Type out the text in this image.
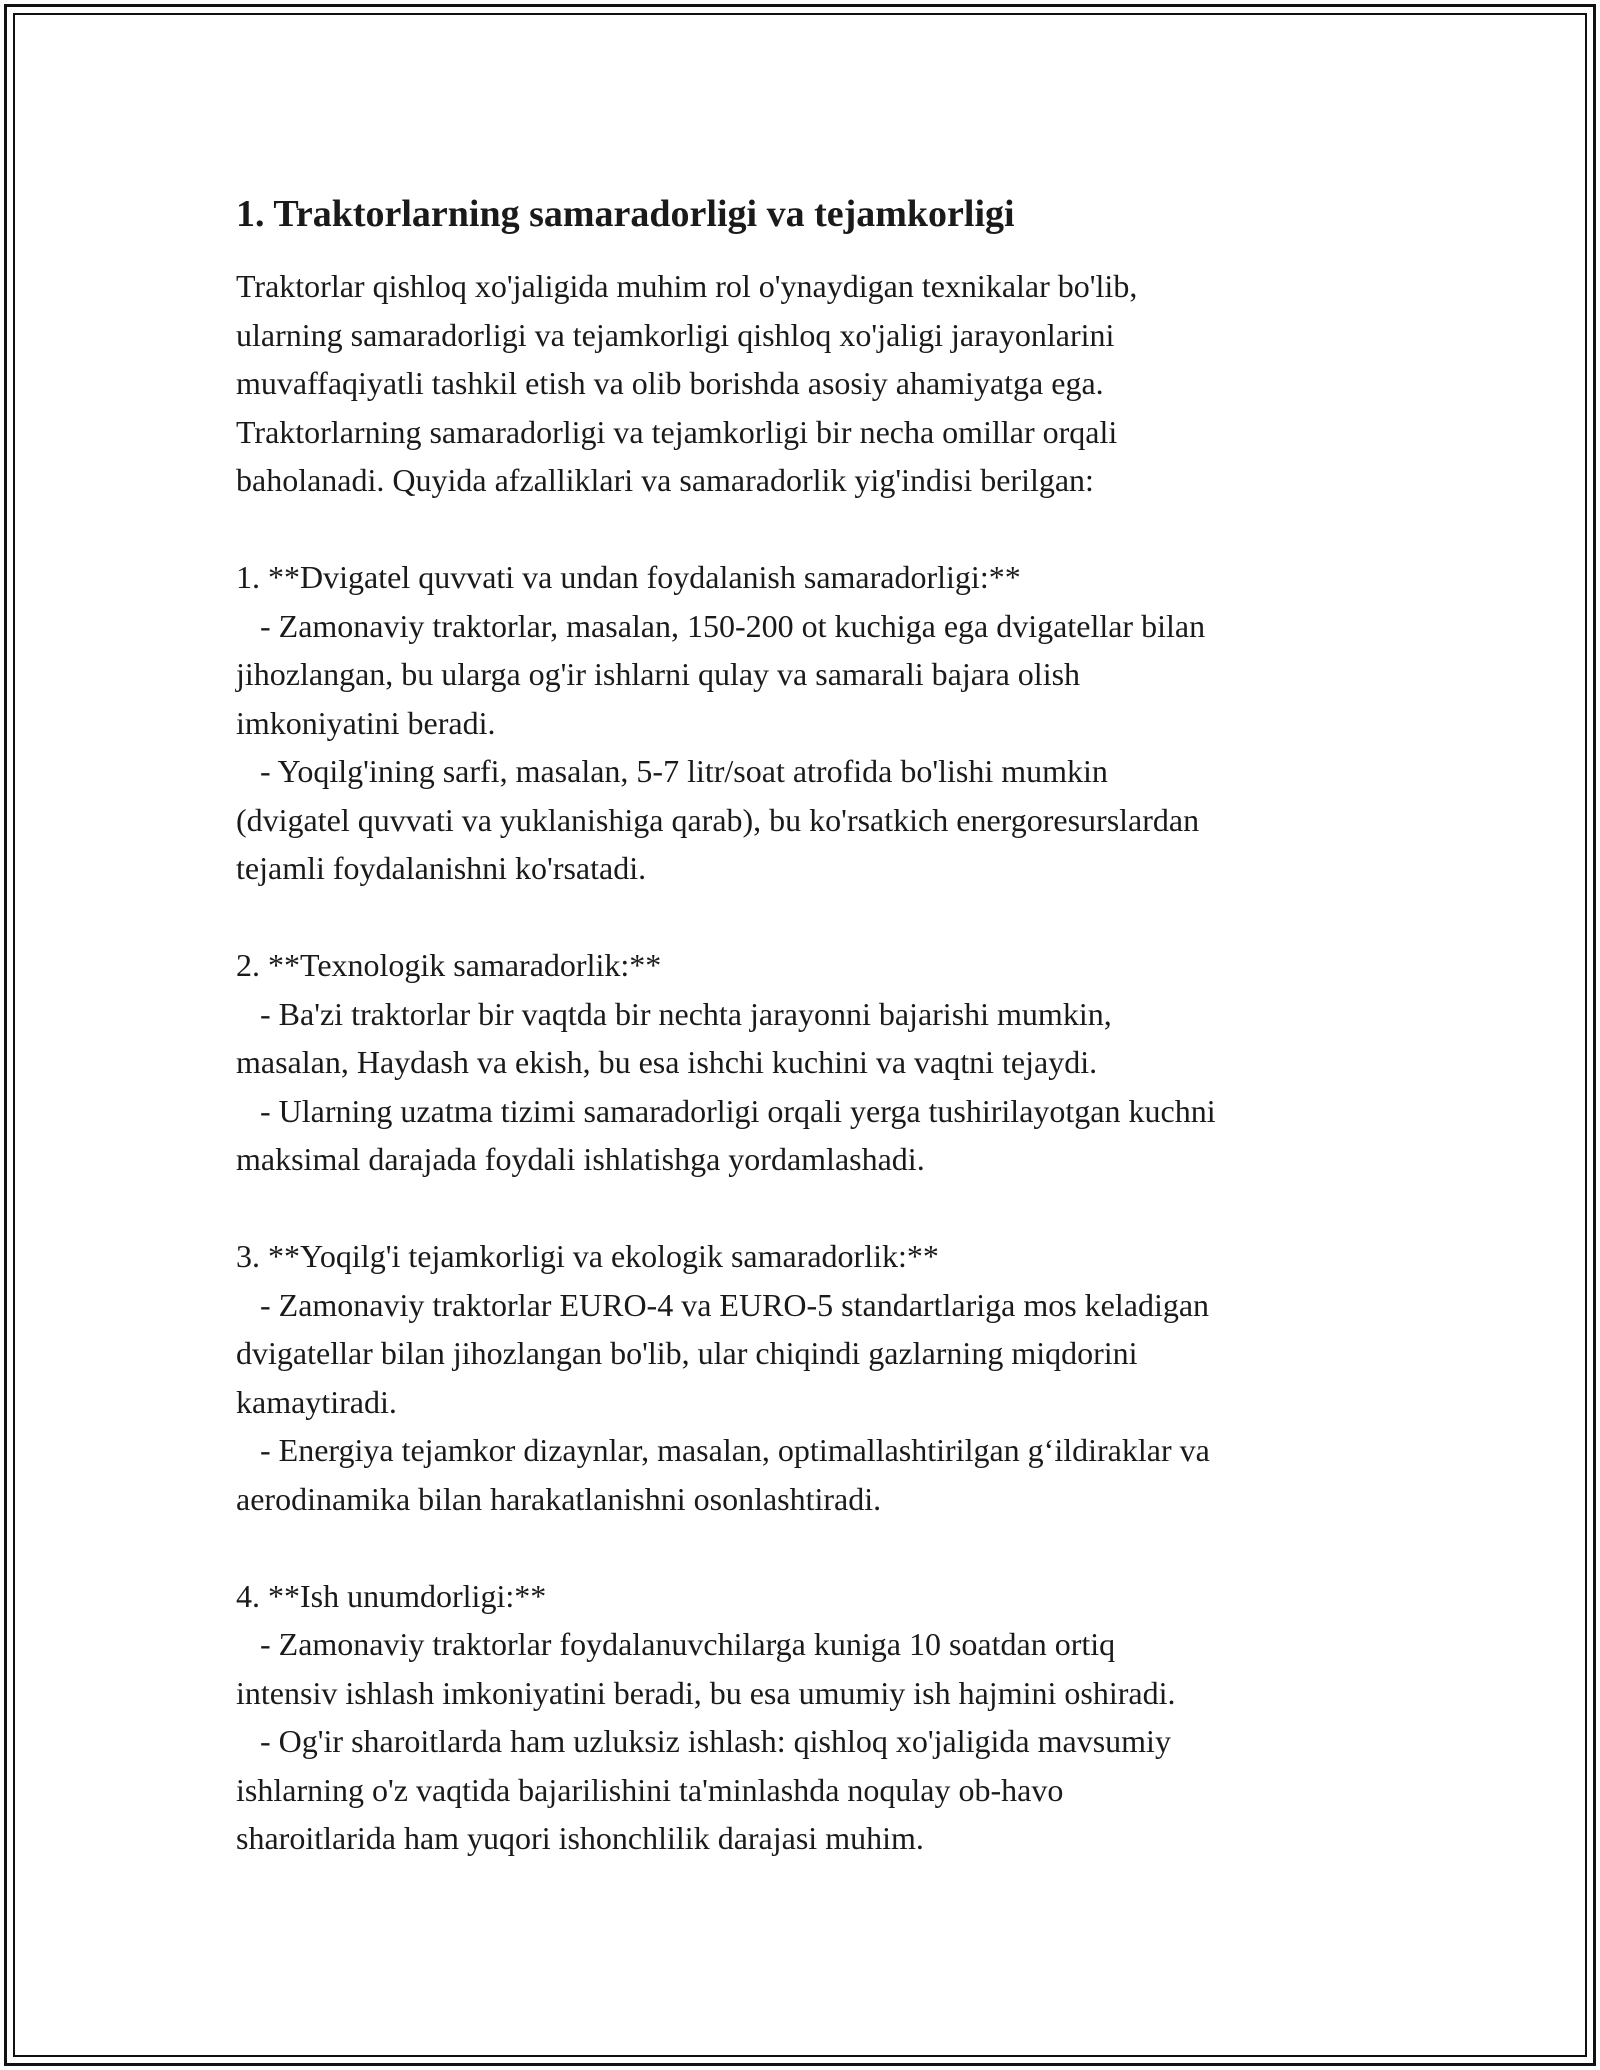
1. Traktorlarning samaradorligi va tejamkorligi

Traktorlar qishloq xo'jaligida muhim rol o'ynaydigan texnikalar bo'lib,

ularning samaradorligi va tejamkorligi qishloq xo'jaligi jarayonlarini

muvaffaqiyatli tashkil etish va olib borishda asosiy ahamiyatga ega.

Traktorlarning samaradorligi va tejamkorligi bir necha omillar orqali

baholanadi. Quyida afzalliklari va samaradorlik yig'indisi berilgan:

1. **Dvigatel quvvati va undan foydalanish samaradorligi:**

- Zamonaviy traktorlar, masalan, 150-200 ot kuchiga ega dvigatellar bilan

jihozlangan, bu ularga og'ir ishlarni qulay va samarali bajara olish

imkoniyatini beradi.

- Yoqilg'ining sarfi, masalan, 5-7 litr/soat atrofida bo'lishi mumkin

(dvigatel quvvati va yuklanishiga qarab), bu ko'rsatkich energoresurslardan

tejamli foydalanishni ko'rsatadi.

2. **Texnologik samaradorlik:**

- Ba'zi traktorlar bir vaqtda bir nechta jarayonni bajarishi mumkin,

masalan, Haydash va ekish, bu esa ishchi kuchini va vaqtni tejaydi.

- Ularning uzatma tizimi samaradorligi orqali yerga tushirilayotgan kuchni

maksimal darajada foydali ishlatishga yordamlashadi.

3. **Yoqilg'i tejamkorligi va ekologik samaradorlik:**

- Zamonaviy traktorlar EURO-4 va EURO-5 standartlariga mos keladigan

dvigatellar bilan jihozlangan bo'lib, ular chiqindi gazlarning miqdorini

kamaytiradi.

- Energiya tejamkor dizaynlar, masalan, optimallashtirilgan g‘ildiraklar va

aerodinamika bilan harakatlanishni osonlashtiradi.

4. **Ish unumdorligi:**

- Zamonaviy traktorlar foydalanuvchilarga kuniga 10 soatdan ortiq

intensiv ishlash imkoniyatini beradi, bu esa umumiy ish hajmini oshiradi.

- Og'ir sharoitlarda ham uzluksiz ishlash: qishloq xo'jaligida mavsumiy

ishlarning o'z vaqtida bajarilishini ta'minlashda noqulay ob-havo

sharoitlarida ham yuqori ishonchlilik darajasi muhim.
